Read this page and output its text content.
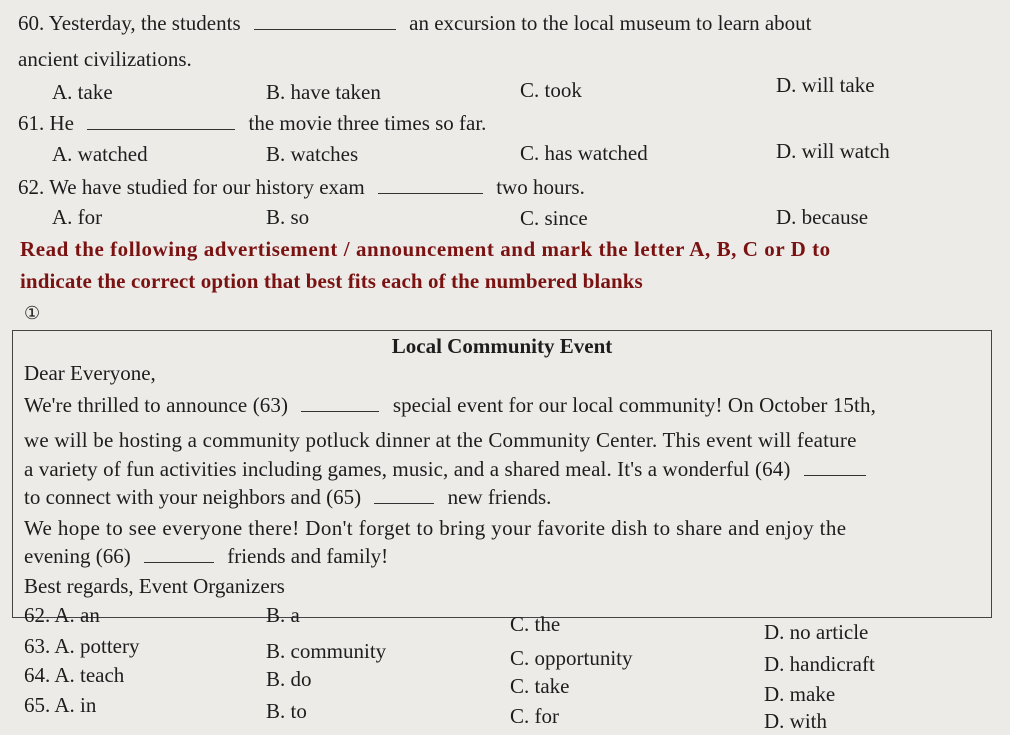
60. Yesterday, the students	an excursion to the local museum to learn about
ancient civilizations.
A. take	B. have taken	C. took	D. will take
61. He	the movie three times so far.
A. watched	B. watches	C. has watched	D. will watch
62. We have studied for our history exam	two hours.
A. for	B. so	C. since	D. because
Read the following advertisement / announcement and mark the letter A, B, C or D to
indicate the correct option that best fits each of the numbered blanks
①
Local Community Event
Dear Everyone,
We're thrilled to announce (63)	special event for our local community! On October 15th,
we will be hosting a community potluck dinner at the Community Center. This event will feature
a variety of fun activities including games, music, and a shared meal. It's a wonderful (64)
to connect with your neighbors and (65)	new friends.
We hope to see everyone there! Don't forget to bring your favorite dish to share and enjoy the
evening (66)	friends and family!
Best regards, Event Organizers
62. A. an	B. a	C. the	D. no article
63. A. pottery	B. community	C. opportunity	D. handicraft
64. A. teach	B. do	C. take	D. make
65. A. in	B. to	C. for	D. with
